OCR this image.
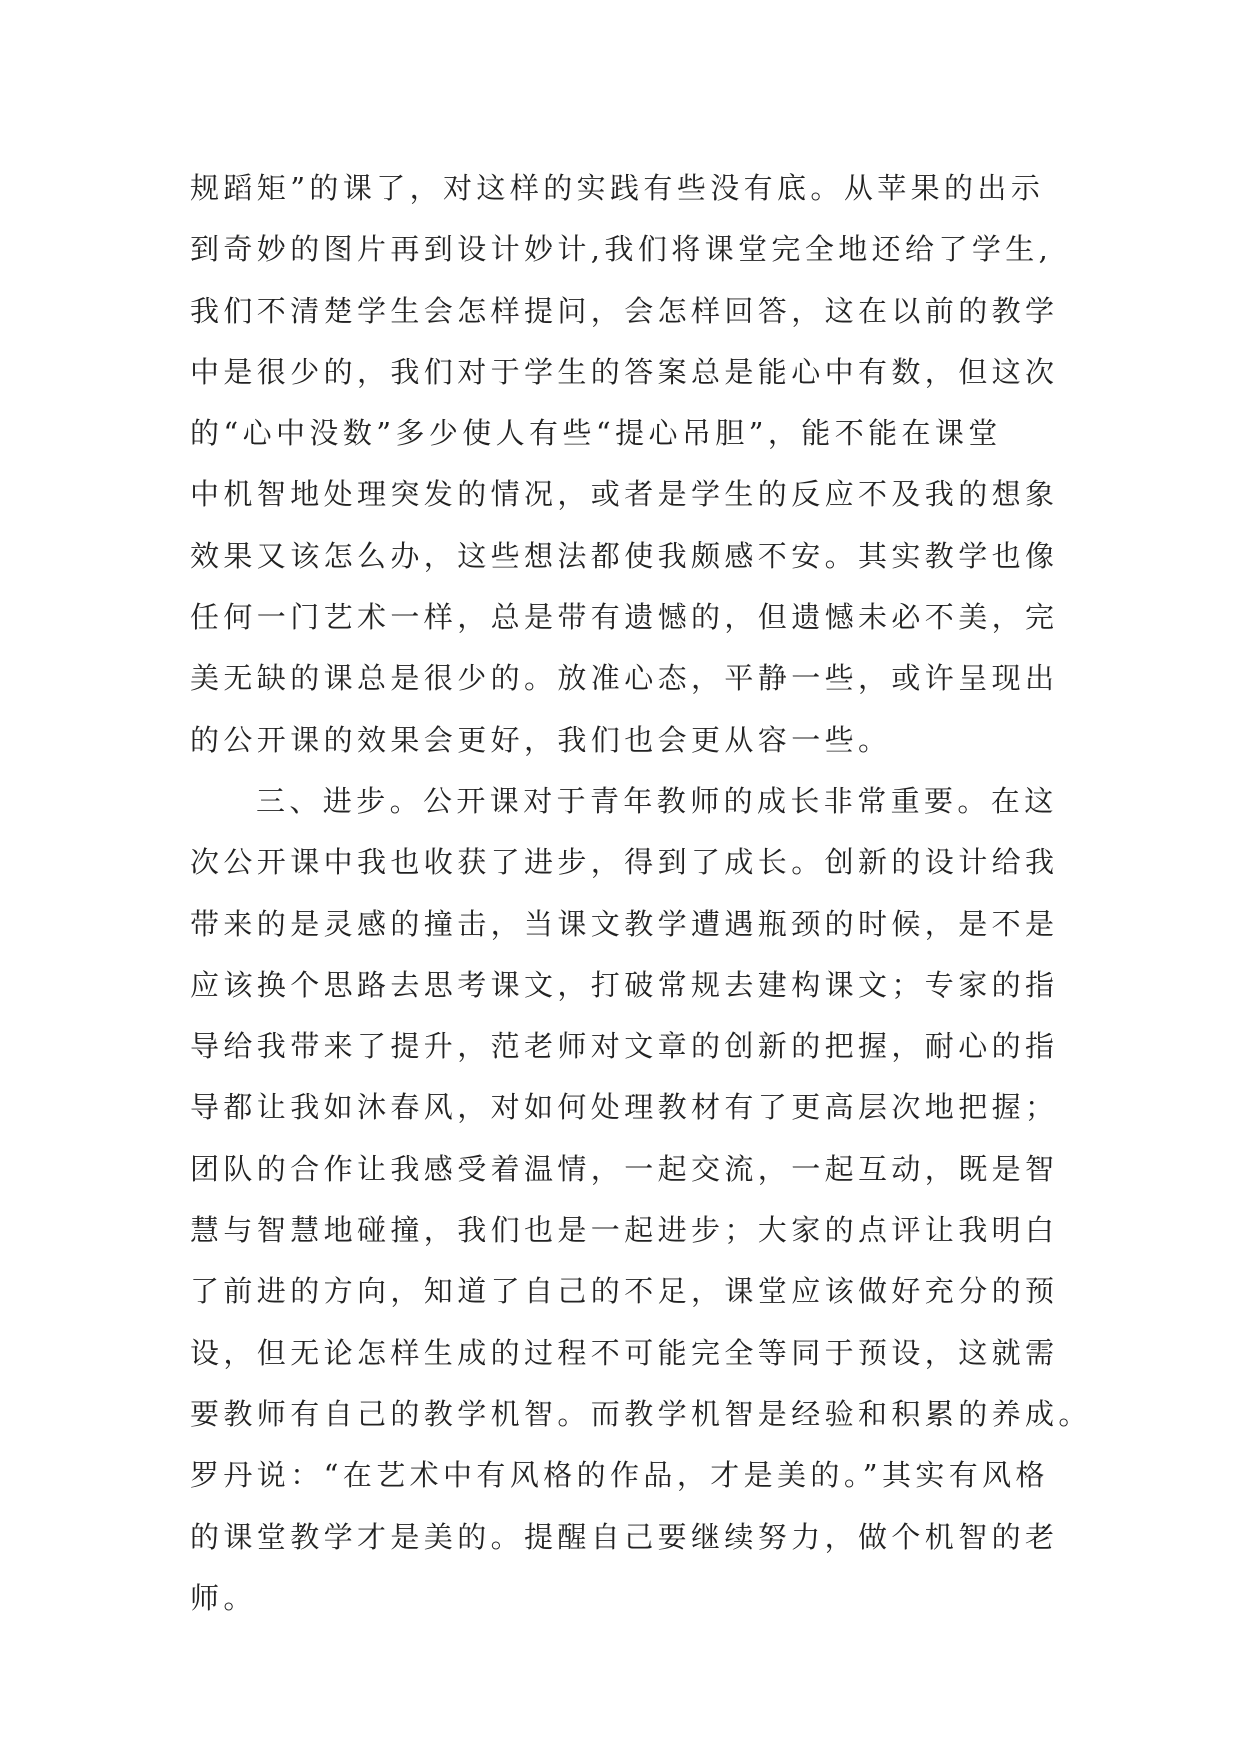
规蹈矩”的课了，对这样的实践有些没有底。从苹果的出示
到奇妙的图片再到设计妙计,我们将课堂完全地还给了学生,
我们不清楚学生会怎样提问，会怎样回答，这在以前的教学
中是很少的，我们对于学生的答案总是能心中有数，但这次
的“心中没数”多少使人有些“提心吊胆”，能不能在课堂
中机智地处理突发的情况，或者是学生的反应不及我的想象
效果又该怎么办，这些想法都使我颇感不安。其实教学也像
任何一门艺术一样，总是带有遗憾的，但遗憾未必不美，完
美无缺的课总是很少的。放准心态，平静一些，或许呈现出
的公开课的效果会更好，我们也会更从容一些。
三、进步。公开课对于青年教师的成长非常重要。在这
次公开课中我也收获了进步，得到了成长。创新的设计给我
带来的是灵感的撞击，当课文教学遭遇瓶颈的时候，是不是
应该换个思路去思考课文，打破常规去建构课文；专家的指
导给我带来了提升，范老师对文章的创新的把握，耐心的指
导都让我如沐春风，对如何处理教材有了更高层次地把握；
团队的合作让我感受着温情，一起交流，一起互动，既是智
慧与智慧地碰撞，我们也是一起进步；大家的点评让我明白
了前进的方向，知道了自己的不足，课堂应该做好充分的预
设，但无论怎样生成的过程不可能完全等同于预设，这就需
要教师有自己的教学机智。而教学机智是经验和积累的养成。
罗丹说：“在艺术中有风格的作品，才是美的。”其实有风格
的课堂教学才是美的。提醒自己要继续努力，做个机智的老
师。
